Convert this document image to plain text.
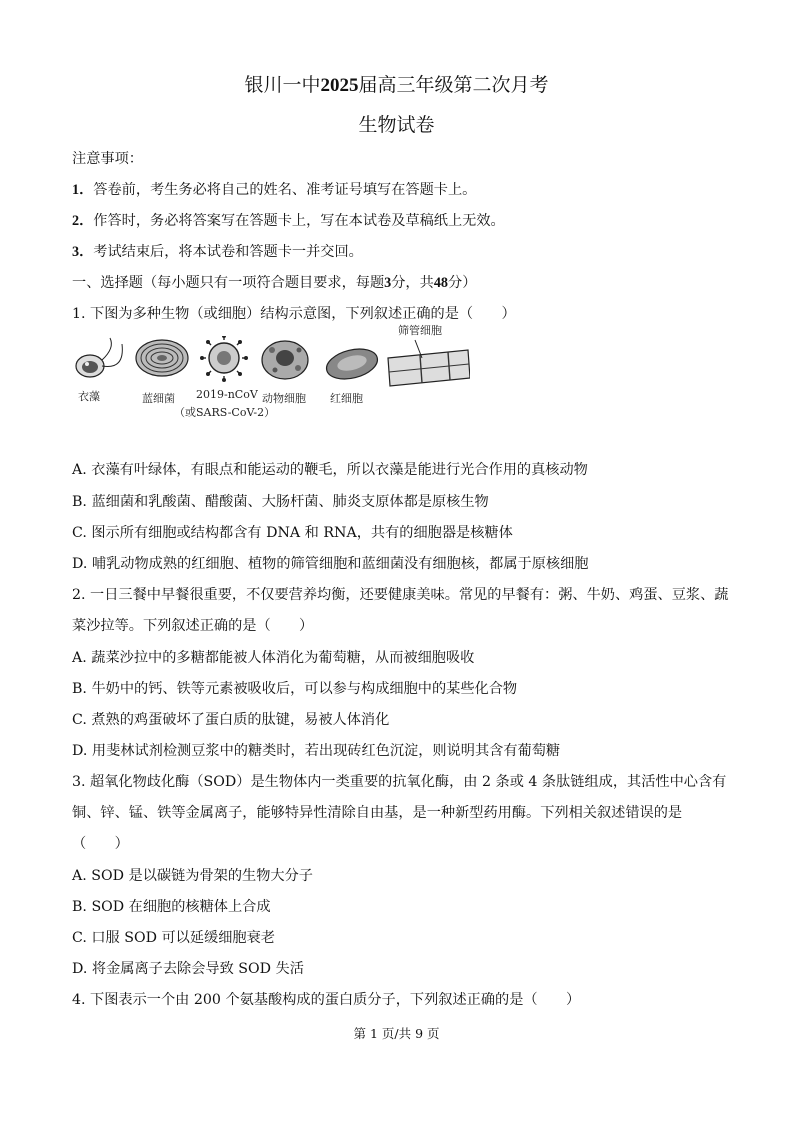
银川一中2025届高三年级第二次月考
生物试卷
注意事项：
1．答卷前，考生务必将自己的姓名、准考证号填写在答题卡上。
2．作答时，务必将答案写在答题卡上，写在本试卷及草稿纸上无效。
3．考试结束后，将本试卷和答题卡一并交回。
一、选择题（每小题只有一项符合题目要求，每题3分，共48分）
1. 下图为多种生物（或细胞）结构示意图，下列叙述正确的是（　　）
衣藻	蓝细菌 2019-nCoV
（或SARS-CoV-2）
动物细胞 红细胞
筛管细胞
A. 衣藻有叶绿体，有眼点和能运动的鞭毛，所以衣藻是能进行光合作用的真核动物
B. 蓝细菌和乳酸菌、醋酸菌、大肠杆菌、肺炎支原体都是原核生物
C. 图示所有细胞或结构都含有 DNA 和 RNA，共有的细胞器是核糖体
D. 哺乳动物成熟的红细胞、植物的筛管细胞和蓝细菌没有细胞核，都属于原核细胞
2. 一日三餐中早餐很重要，不仅要营养均衡，还要健康美味。常见的早餐有：粥、牛奶、鸡蛋、豆浆、蔬
菜沙拉等。下列叙述正确的是（　　）
A. 蔬菜沙拉中的多糖都能被人体消化为葡萄糖，从而被细胞吸收
B. 牛奶中的钙、铁等元素被吸收后，可以参与构成细胞中的某些化合物
C. 煮熟的鸡蛋破坏了蛋白质的肽键，易被人体消化
D. 用斐林试剂检测豆浆中的糖类时，若出现砖红色沉淀，则说明其含有葡萄糖
3. 超氧化物歧化酶（SOD）是生物体内一类重要的抗氧化酶，由 2 条或 4 条肽链组成，其活性中心含有
铜、锌、锰、铁等金属离子，能够特异性清除自由基，是一种新型药用酶。下列相关叙述错误的是
（　　）
A. SOD 是以碳链为骨架的生物大分子
B. SOD 在细胞的核糖体上合成
C. 口服 SOD 可以延缓细胞衰老
D. 将金属离子去除会导致 SOD 失活
4. 下图表示一个由 200 个氨基酸构成的蛋白质分子，下列叙述正确的是（　　）
第 1 页/共 9 页
